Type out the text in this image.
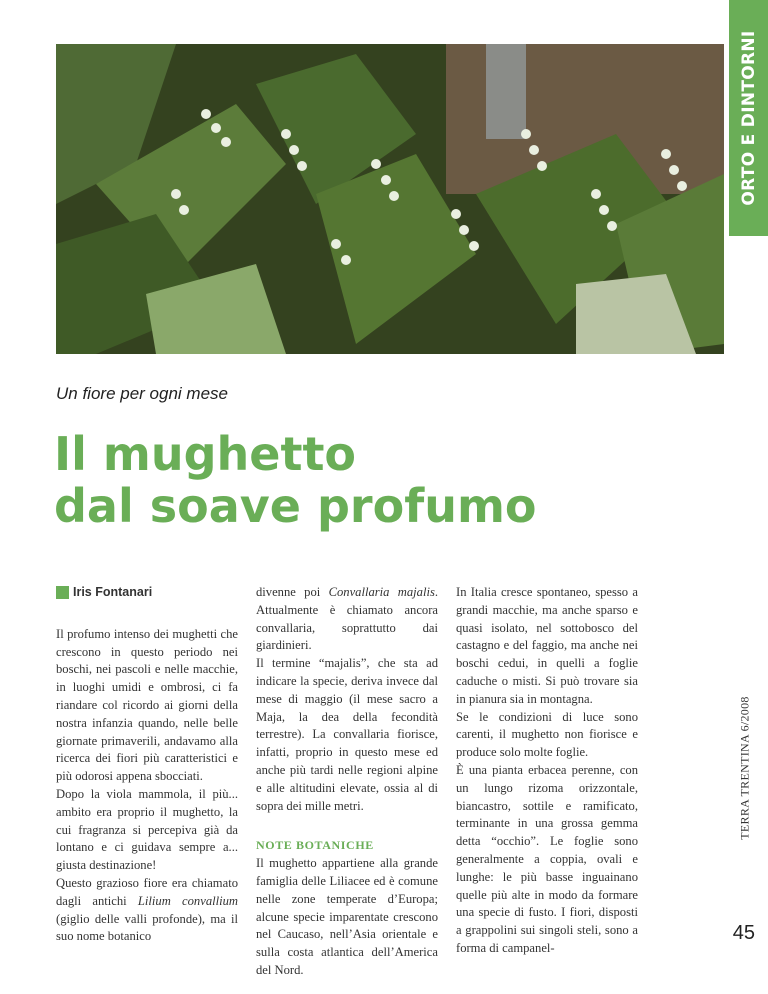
ORTO E DINTORNI
Un fiore per ogni mese
Il mughetto
dal soave profumo
Iris Fontanari

Il profumo intenso dei mughetti che crescono in questo periodo nei boschi, nei pascoli e nelle macchie, in luoghi umidi e ombrosi, ci fa riandare col ricordo ai giorni della nostra infanzia quando, nelle belle giornate primaverili, andavamo alla ricerca dei fiori più caratteristici e più odorosi appena sbocciati.

Dopo la viola mammola, il più... ambito era proprio il mughetto, la cui fragranza si percepiva già da lontano e ci guidava sempre a... giusta destinazione!

Questo grazioso fiore era chiamato dagli antichi Lilium convallium (giglio delle valli profonde), ma il suo nome botanico

divenne poi Convallaria majalis. Attualmente è chiamato ancora convallaria, soprattutto dai giardinieri.

Il termine “majalis”, che sta ad indicare la specie, deriva invece dal mese di maggio (il mese sacro a Maja, la dea della fecondità terrestre). La convallaria fiorisce, infatti, proprio in questo mese ed anche più tardi nelle regioni alpine e alle altitudini elevate, ossia al di sopra dei mille metri.

NOTE BOTANICHE

Il mughetto appartiene alla grande famiglia delle Liliacee ed è comune nelle zone temperate d’Europa; alcune specie imparentate crescono nel Caucaso, nell’Asia orientale e sulla costa atlantica dell’America del Nord.

In Italia cresce spontaneo, spesso a grandi macchie, ma anche sparso e quasi isolato, nel sottobosco del castagno e del faggio, ma anche nei boschi cedui, in quelli a foglie caduche o misti. Si può trovare sia in pianura sia in montagna.

Se le condizioni di luce sono carenti, il mughetto non fiorisce e produce solo molte foglie.

È una pianta erbacea perenne, con un lungo rizoma orizzontale, biancastro, sottile e ramificato, terminante in una grossa gemma detta “occhio”. Le foglie sono generalmente a coppia, ovali e lunghe: le più basse inguainano quelle più alte in modo da formare una specie di fusto. I fiori, disposti a grappolini sui singoli steli, sono a forma di campanel-

TERRA TRENTINA 6/2008
45
